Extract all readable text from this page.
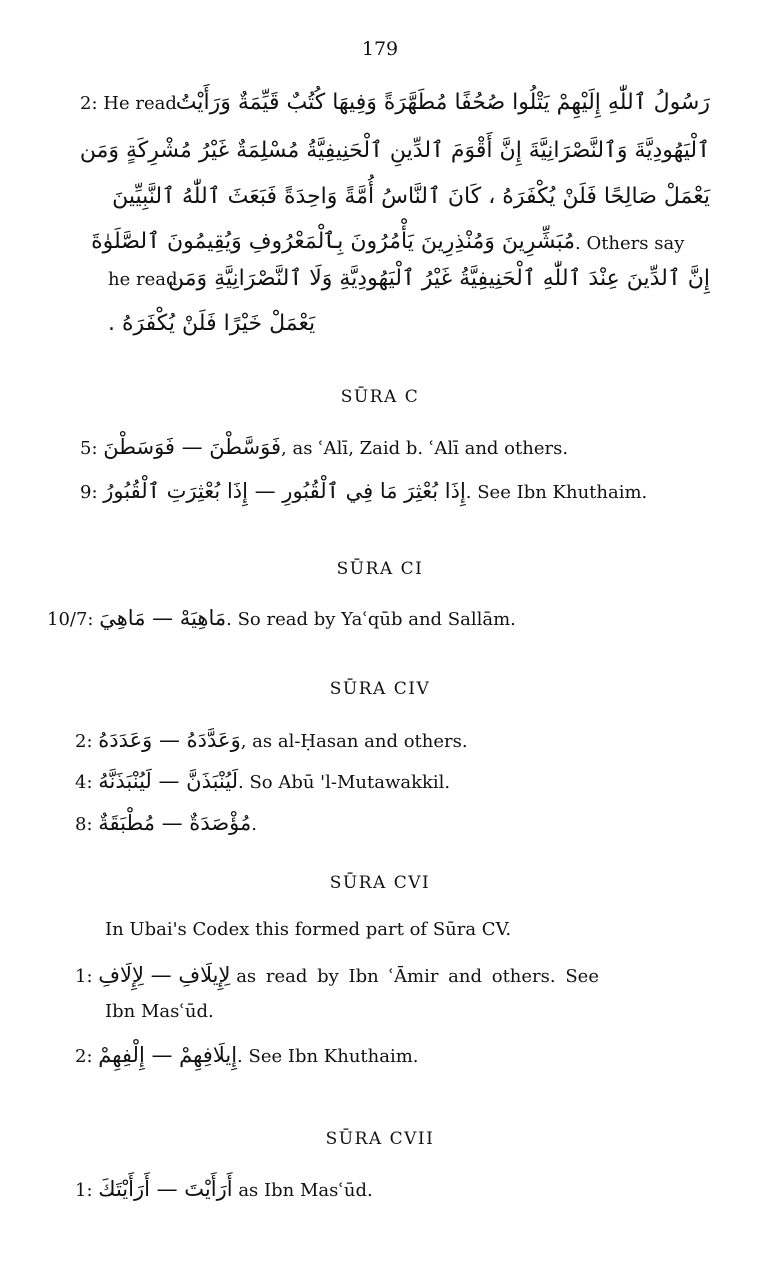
179
2: He read
رَسُولُ ٱللّٰهِ إِلَيْهِمْ يَتْلُوا صُحُفًا مُطَهَّرَةً وَفِيهَا كُتُبٌ قَيِّمَةٌ وَرَأَيْتُ
ٱلْيَهُودِيَّةَ وَٱلنَّصْرَانِيَّةَ إِنَّ أَقْوَمَ ٱلدِّينِ ٱلْحَنِيفِيَّةُ مُسْلِمَةٌ غَيْرُ مُشْرِكَةٍ وَمَن
يَعْمَلْ صَالِحًا فَلَنْ يُكْفَرَهُ ، كَانَ ٱلنَّاسُ أُمَّةً وَاحِدَةً فَبَعَثَ ٱللّٰهُ ٱلنَّبِيِّينَ
مُبَشِّرِينَ وَمُنْذِرِينَ يَأْمُرُونَ بِٱلْمَعْرُوفِ وَيُقِيمُونَ ٱلصَّلَوٰةَ . Others say
he read
إِنَّ ٱلدِّينَ عِنْدَ ٱللّٰهِ ٱلْحَنِيفِيَّةُ غَيْرُ ٱلْيَهُودِيَّةِ وَلَا ٱلنَّصْرَانِيَّةِ وَمَن
يَعْمَلْ خَيْرًا فَلَنْ يُكْفَرَهُ .
SŪRA C
5: فَوَسَّطْنَ — فَوَسَطْنَ, as ʿAlī, Zaid b. ʿAlī and others.
9: إِذَا بُعْثِرَ مَا فِي ٱلْقُبُورِ — إِذَا بُعْثِرَتِ ٱلْقُبُورُ. See Ibn Khuthaim.
SŪRA CI
10/7: مَاهِيَهْ — مَاهِيَ. So read by Yaʿqūb and Sallām.
SŪRA CIV
2: وَعَدَّدَهُ — وَعَدَدَهُ, as al-Ḥasan and others.
4: لَيُنْبَذَنَّ — لَيُنْبَذَنَّهُ. So Abū 'l-Mutawakkil.
8: مُؤْصَدَةٌ — مُطْبَقَةٌ.
SŪRA CVI
In Ubai's Codex this formed part of Sūra CV.
1: لِإِيلَافِ — لِإِلَافِ as read by Ibn ʿĀmir and others. See
Ibn Masʿūd.
2: إِيلَافِهِمْ — إِلْفِهِمْ. See Ibn Khuthaim.
SŪRA CVII
1: أَرَأَيْتَ — أَرَأَيْتَكَ as Ibn Masʿūd.
